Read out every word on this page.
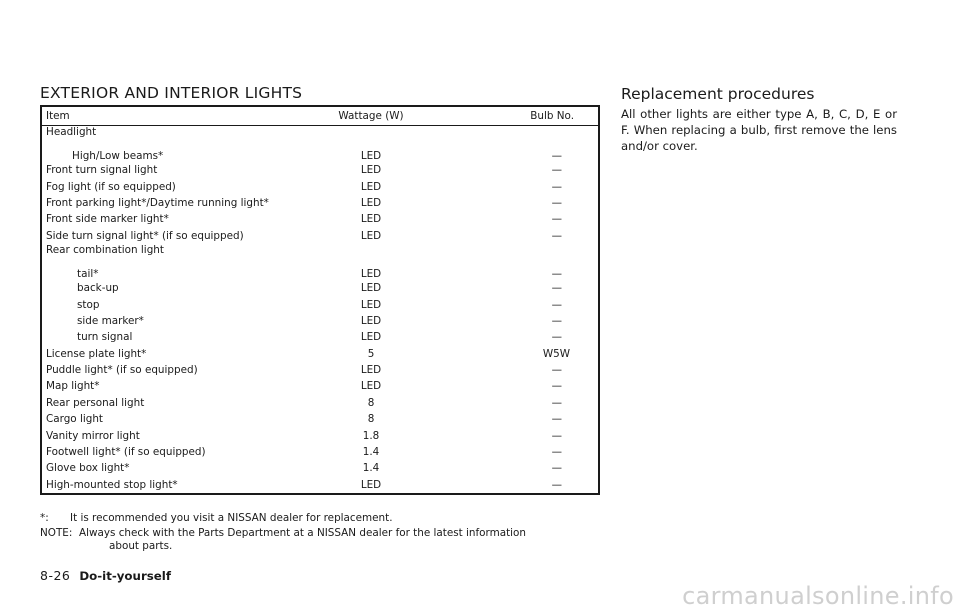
EXTERIOR AND INTERIOR LIGHTS
Item	Wattage (W)	Bulb No.
Headlight		
High/Low beams*	LED	—
Front turn signal light	LED	—
Fog light (if so equipped)	LED	—
Front parking light*/Daytime running light*	LED	—
Front side marker light*	LED	—
Side turn signal light* (if so equipped)	LED	—
Rear combination light		
tail*	LED	—
back-up	LED	—
stop	LED	—
side marker*	LED	—
turn signal	LED	—
License plate light*	5	W5W
Puddle light* (if so equipped)	LED	—
Map light*	LED	—
Rear personal light	8	—
Cargo light	8	—
Vanity mirror light	1.8	—
Footwell light* (if so equipped)	1.4	—
Glove box light*	1.4	—
High-mounted stop light*	LED	—
*: It is recommended you visit a NISSAN dealer for replacement.
NOTE: Always check with the Parts Department at a NISSAN dealer for the latest information
about parts.
Replacement procedures

All other lights are either type A, B, C, D, E or F. When replacing a bulb, first remove the lens and/or cover.

8-26 Do-it-yourself
carmanualsonline.info
